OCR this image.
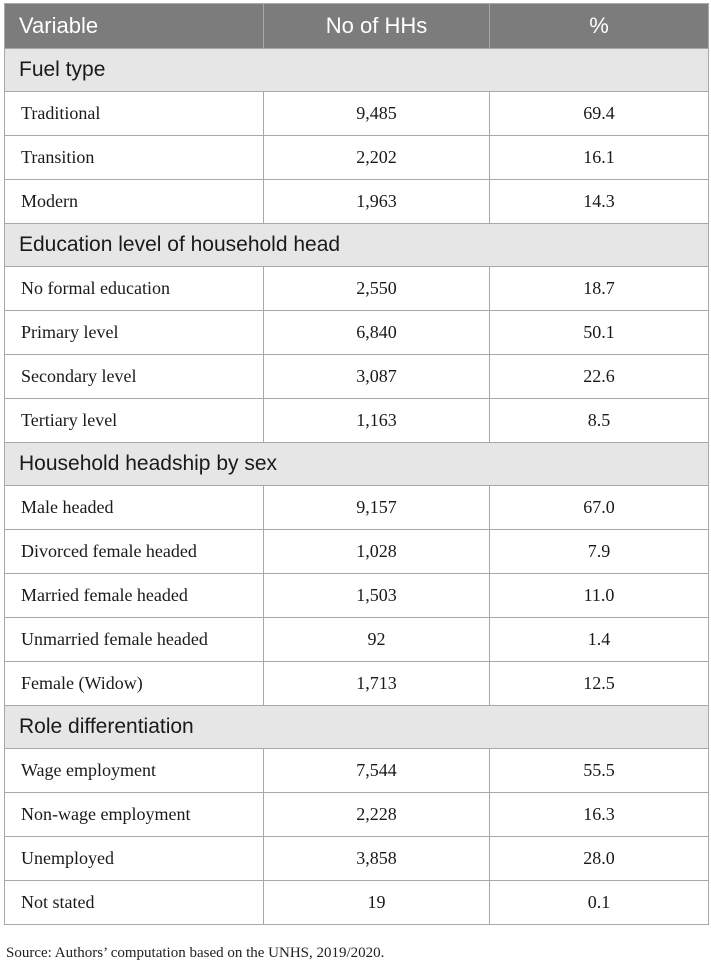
Variable	No of HHs	%
Fuel type		
Traditional	9,485	69.4
Transition	2,202	16.1
Modern	1,963	14.3
Education level of household head		
No formal education	2,550	18.7
Primary level	6,840	50.1
Secondary level	3,087	22.6
Tertiary level	1,163	8.5
Household headship by sex		
Male headed	9,157	67.0
Divorced female headed	1,028	7.9
Married female headed	1,503	11.0
Unmarried female headed	92	1.4
Female (Widow)	1,713	12.5
Role differentiation		
Wage employment	7,544	55.5
Non-wage employment	2,228	16.3
Unemployed	3,858	28.0
Not stated	19	0.1
Source: Authors’ computation based on the UNHS, 2019/2020.
